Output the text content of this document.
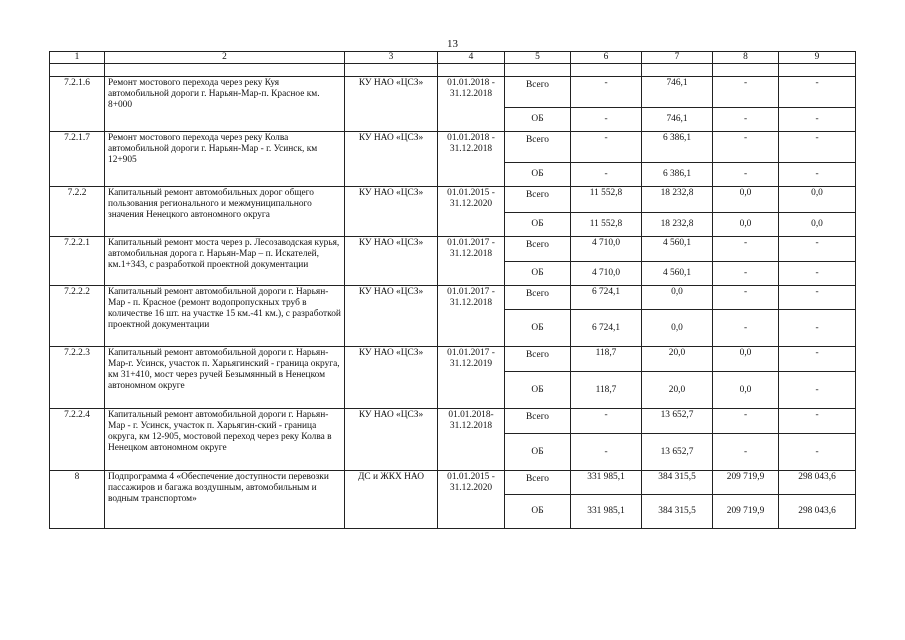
13
1	2	3	4	5	6	7	8	9

7.2.1.6	Ремонт мостового перехода через реку Куя автомобильной дороги г. Нарьян-Мар-п. Красное км. 8+000	КУ НАО «ЦСЗ»	01.01.2018 - 31.12.2018	Всего	-	746,1	-	-
				ОБ	-	746,1	-	-
7.2.1.7	Ремонт мостового перехода через реку Колва автомобильной дороги г. Нарьян-Мар - г. Усинск, км 12+905	КУ НАО «ЦСЗ»	01.01.2018 - 31.12.2018	Всего	-	6 386,1	-	-
				ОБ	-	6 386,1	-	-
7.2.2	Капитальный ремонт автомобильных дорог общего пользования регионального и межмуниципального значения Ненецкого автономного округа	КУ НАО «ЦСЗ»	01.01.2015 - 31.12.2020	Всего	11 552,8	18 232,8	0,0	0,0
				ОБ	11 552,8	18 232,8	0,0	0,0
7.2.2.1	Капитальный ремонт моста через р. Лесозаводская курья, автомобильная дорога г. Нарьян-Мар – п. Искателей, км.1+343, с разработкой проектной документации	КУ НАО «ЦСЗ»	01.01.2017 - 31.12.2018	Всего	4 710,0	4 560,1	-	-
				ОБ	4 710,0	4 560,1	-	-
7.2.2.2	Капитальный ремонт автомобильной дороги г. Нарьян-Мар - п. Красное (ремонт водопропускных труб в количестве 16 шт. на участке 15 км.-41 км.), с разработкой проектной документации	КУ НАО «ЦСЗ»	01.01.2017 - 31.12.2018	Всего	6 724,1	0,0	-	-
				ОБ	6 724,1	0,0	-	-
7.2.2.3	Капитальный ремонт автомобильной дороги г. Нарьян-Мар-г. Усинск, участок п. Харьягинский - граница округа, км 31+410, мост через ручей Безымянный в Ненецком автономном округе	КУ НАО «ЦСЗ»	01.01.2017 - 31.12.2019	Всего	118,7	20,0	0,0	-
				ОБ	118,7	20,0	0,0	-
7.2.2.4	Капитальный ремонт автомобильной дороги г. Нарьян-Мар - г. Усинск, участок п. Харьягин-ский - граница округа, км 12-905, мостовой переход через реку Колва в Ненецком автономном округе	КУ НАО «ЦСЗ»	01.01.2018- 31.12.2018	Всего	-	13 652,7	-	-
				ОБ	-	13 652,7	-	-
8	Подпрограмма 4 «Обеспечение доступности перевозки пассажиров и багажа воздушным, автомобильным и водным транспортом»	ДС и ЖКХ НАО	01.01.2015 - 31.12.2020	Всего	331 985,1	384 315,5	209 719,9	298 043,6
				ОБ	331 985,1	384 315,5	209 719,9	298 043,6
